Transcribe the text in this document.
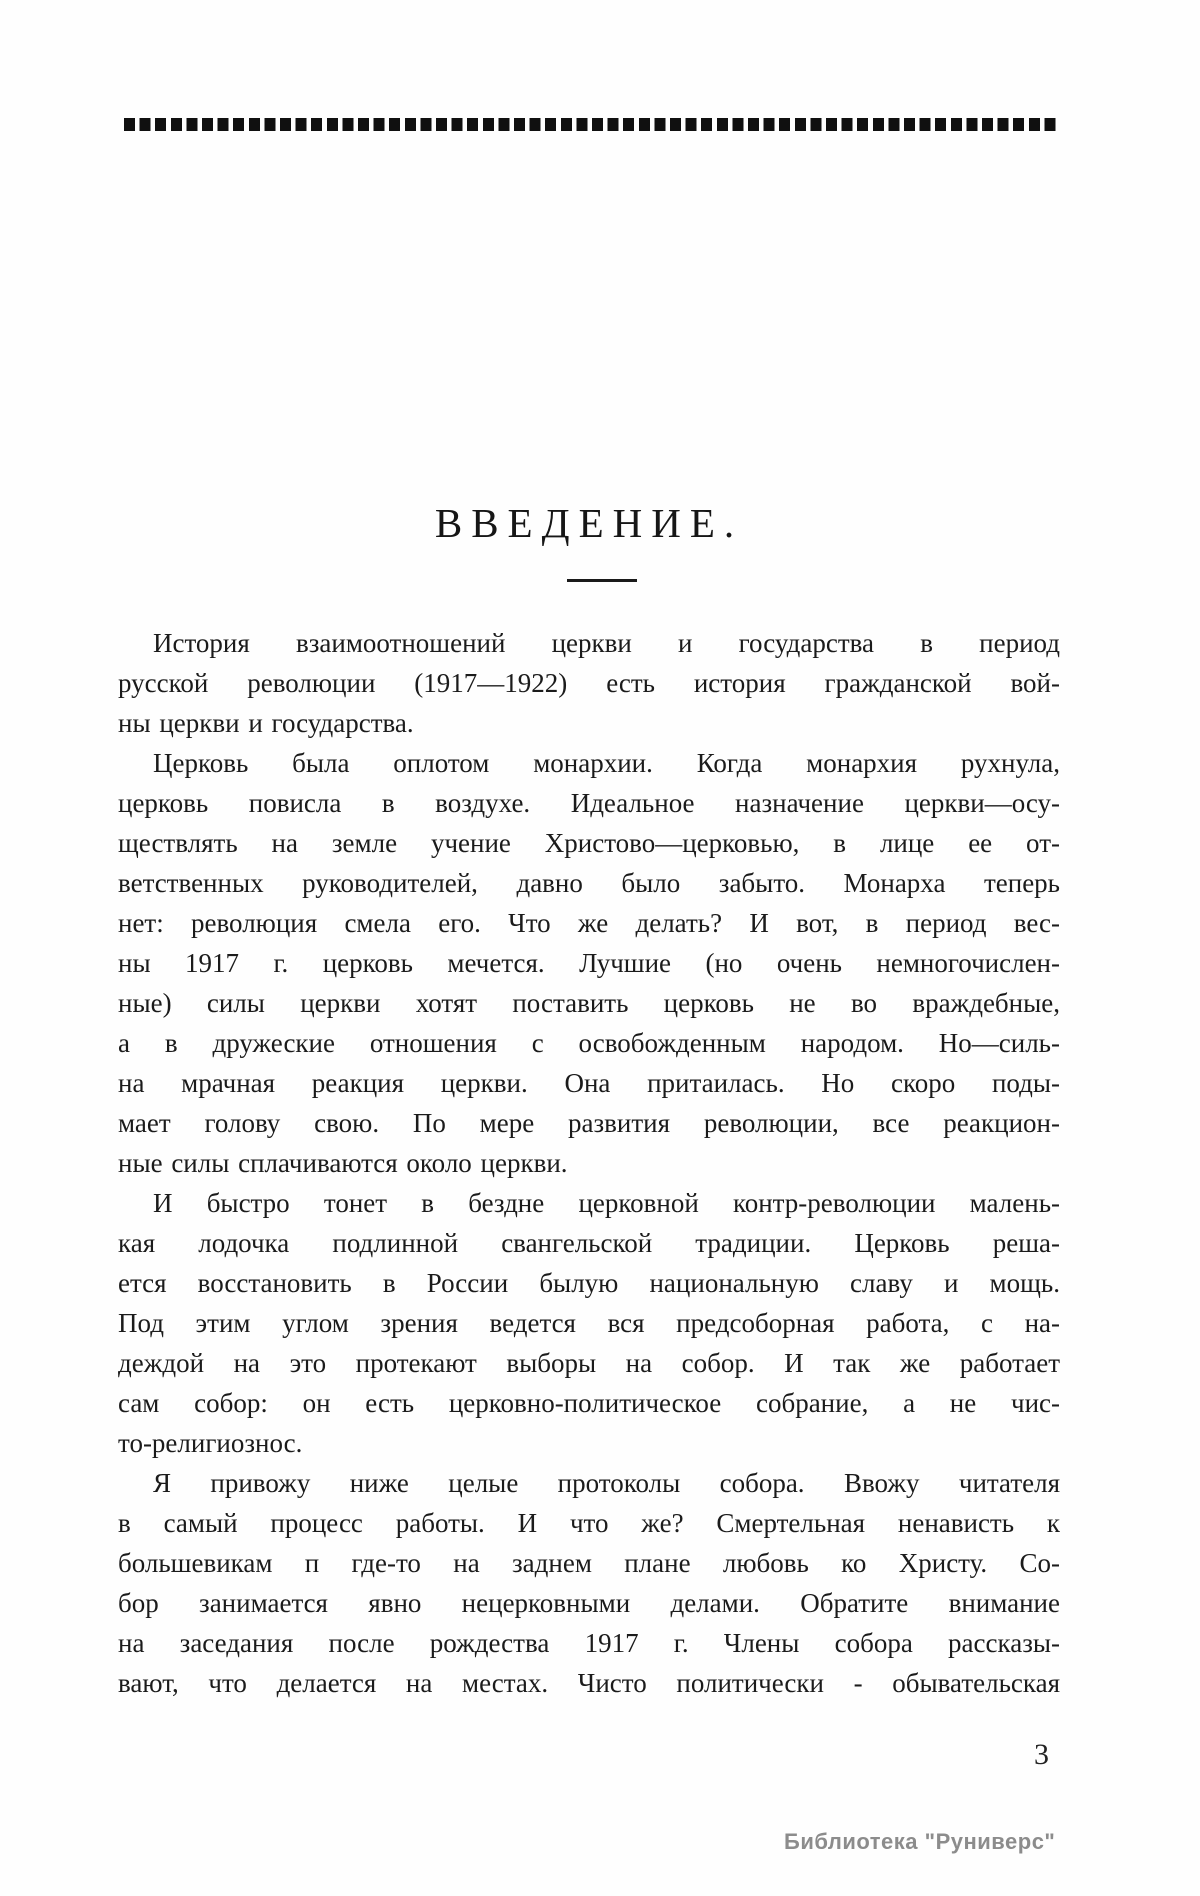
ВВЕДЕНИЕ.
История взаимоотношений церкви и государства в период
русской революции (1917—1922) есть история гражданской вой-
ны церкви и государства.
Церковь была оплотом монархии. Когда монархия рухнула,
церковь повисла в воздухе. Идеальное назначение церкви—осу-
ществлять на земле учение Христово—церковью, в лице ее от-
ветственных руководителей, давно было забыто. Монарха теперь
нет: революция смела его. Что же делать? И вот, в период вес-
ны 1917 г. церковь мечется. Лучшие (но очень немногочислен-
ные) силы церкви хотят поставить церковь не во враждебные,
а в дружеские отношения с освобожденным народом. Но—силь-
на мрачная реакция церкви. Она притаилась. Но скоро поды-
мает голову свою. По мере развития революции, все реакцион-
ные силы сплачиваются около церкви.
И быстро тонет в бездне церковной контр-революции малень-
кая лодочка подлинной свангельской традиции. Церковь реша-
ется восстановить в России былую национальную славу и мощь.
Под этим углом зрения ведется вся предсоборная работа, с на-
деждой на это протекают выборы на собор. И так же работает
сам собор: он есть церковно-политическое собрание, а не чис-
то-религиознос.
Я привожу ниже целые протоколы собора. Ввожу читателя
в самый процесс работы. И что же? Смертельная ненависть к
большевикам п где-то на заднем плане любовь ко Христу. Со-
бор занимается явно нецерковными делами. Обратите внимание
на заседания после рождества 1917 г. Члены собора рассказы-
вают, что делается на местах. Чисто политически - обывательская
3
Библиотека "Руниверс"
